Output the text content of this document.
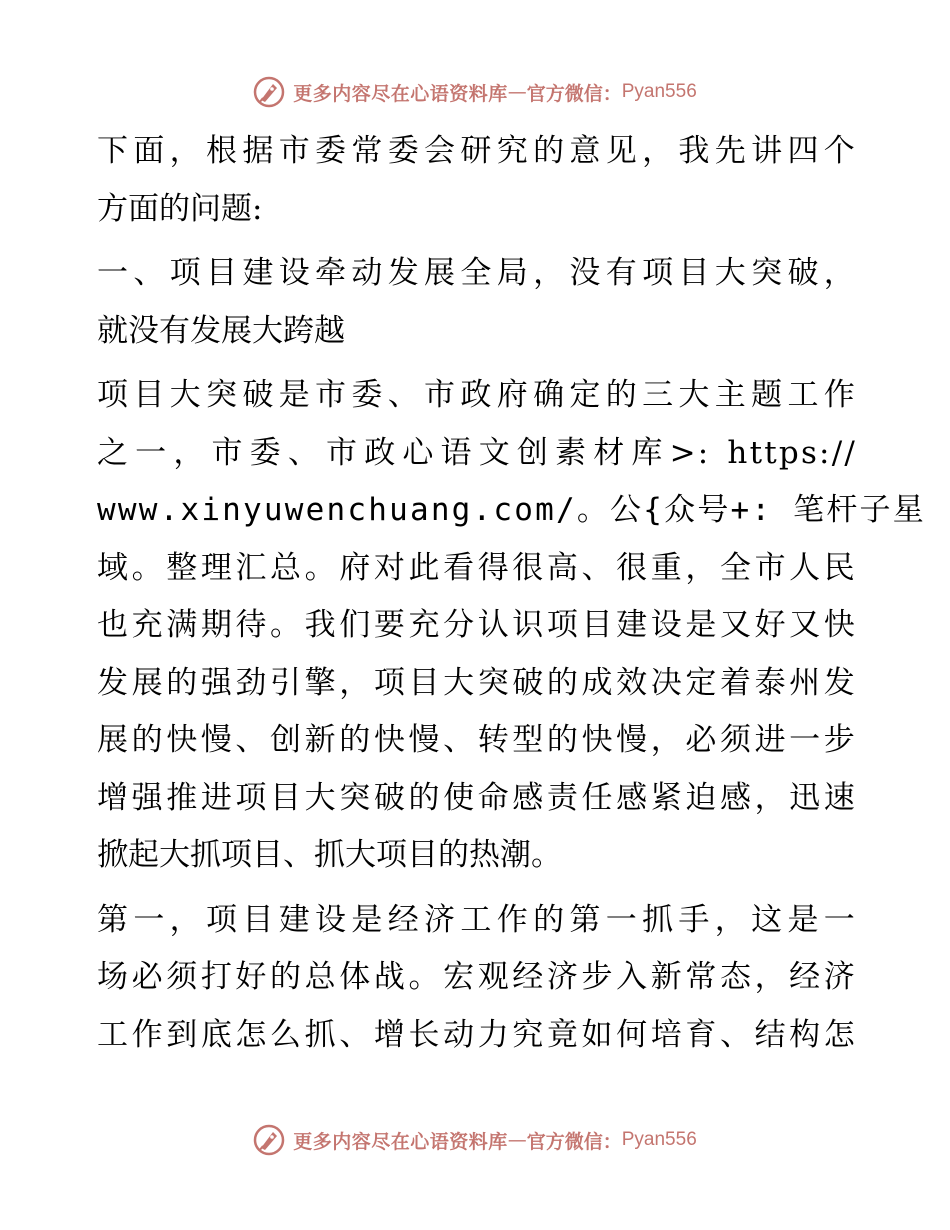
更多内容尽在心语资料库 — 官方微信： Pyan556
下面，根据市委常委会研究的意见，我先讲四个
方面的问题:
一、项目建设牵动发展全局，没有项目大突破，
就没有发展大跨越
项目大突破是市委、市政府确定的三大主题工作
之一，市委、市政心语文创素材库>: https://
www.xinyuwenchuang.com/。公{众号+: 笔杆子星
域。整理汇总。府对此看得很高、很重，全市人民
也充满期待。我们要充分认识项目建设是又好又快
发展的强劲引擎，项目大突破的成效决定着泰州发
展的快慢、创新的快慢、转型的快慢，必须进一步
增强推进项目大突破的使命感责任感紧迫感，迅速
掀起大抓项目、抓大项目的热潮。
第一，项目建设是经济工作的第一抓手，这是一
场必须打好的总体战。宏观经济步入新常态，经济
工作到底怎么抓、增长动力究竟如何培育、结构怎
更多内容尽在心语资料库 — 官方微信： Pyan556
